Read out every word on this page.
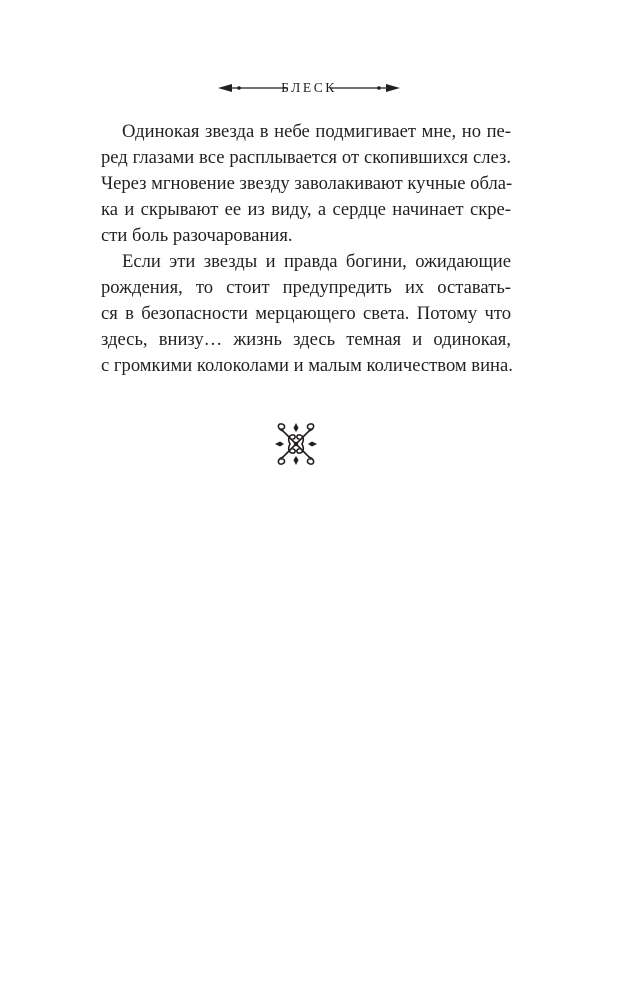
БЛЕСК
Одинокая звезда в небе подмигивает мне, но пе-
ред глазами все расплывается от скопившихся слез.
Через мгновение звезду заволакивают кучные обла-
ка и скрывают ее из виду, а сердце начинает скре-
сти боль разочарования.
Если эти звезды и правда богини, ожидающие
рождения, то стоит предупредить их оставать-
ся в безопасности мерцающего света. Потому что
здесь, внизу… жизнь здесь темная и одинокая,
с громкими колоколами и малым количеством вина.
